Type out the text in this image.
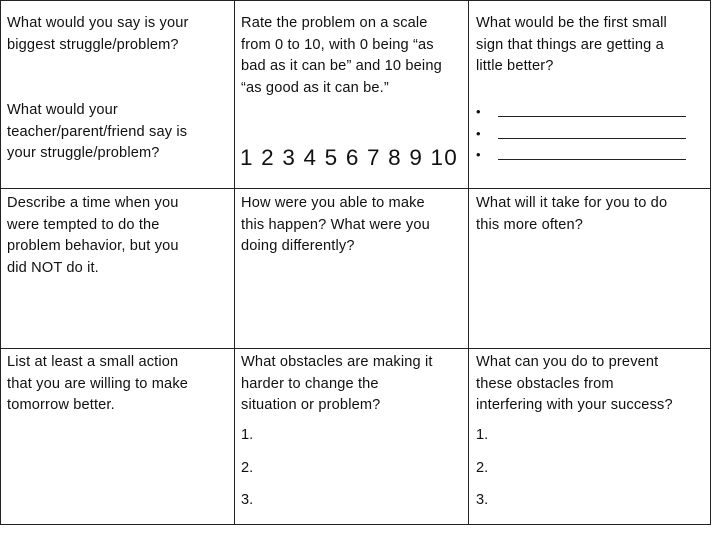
What would you say is your
biggest struggle/problem?
What would your
teacher/parent/friend say is
your struggle/problem?
Rate the problem on a scale
from 0 to 10, with 0 being “as
bad as it can be” and 10 being
“as good as it can be.”
1 2 3 4 5 6 7 8 9 10
What would be the first small
sign that things are getting a
little better?
•
•
•
Describe a time when you
were tempted to do the
problem behavior, but you
did NOT do it.
How were you able to make
this happen? What were you
doing differently?
What will it take for you to do
this more often?
List at least a small action
that you are willing to make
tomorrow better.
What obstacles are making it
harder to change the
situation or problem?
1.
2.
3.
What can you do to prevent
these obstacles from
interfering with your success?
1.
2.
3.
